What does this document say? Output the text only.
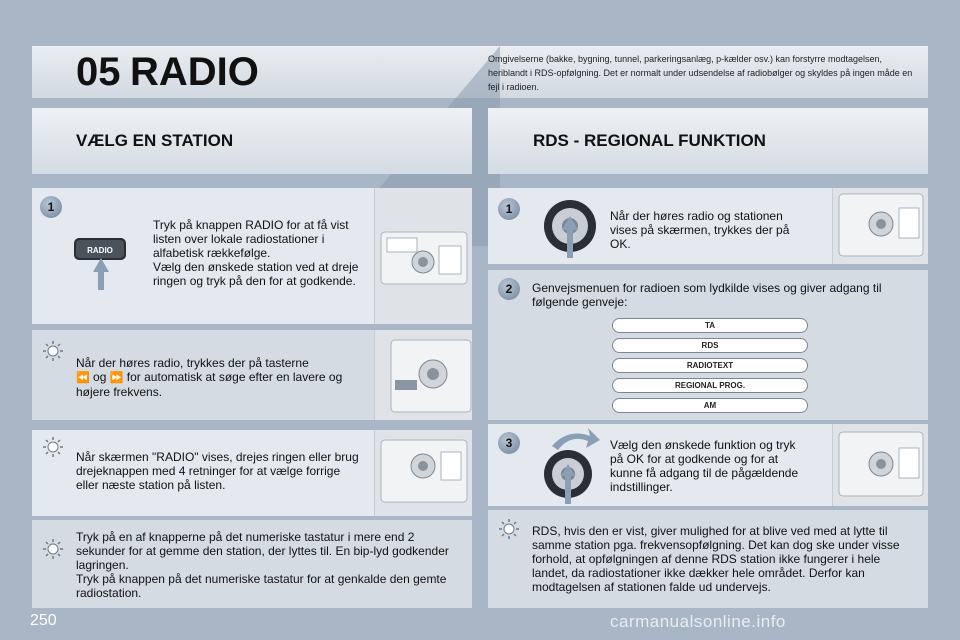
05 RADIO	Omgivelserne (bakke, bygning, tunnel, parkeringsanlæg, p-kælder osv.) kan forstyrre modtagelsen, heriblandt i RDS-opfølgning. Det er normalt under udsendelse af radiobølger og skyldes på ingen måde en fejl i radioen.
VÆLG EN STATION	RDS - REGIONAL FUNKTION
1
RADIO
Tryk på knappen RADIO for at få vist listen over lokale radiostationer i alfabetisk rækkefølge.
Vælg den ønskede station ved at dreje ringen og tryk på den for at godkende.
Når der høres radio, trykkes der på tasterne
⏪ og ⏩ for automatisk at søge efter en lavere og højere frekvens.
Når skærmen "RADIO" vises, drejes ringen eller brug drejeknappen med 4 retninger for at vælge forrige eller næste station på listen.
Tryk på en af knapperne på det numeriske tastatur i mere end 2 sekunder for at gemme den station, der lyttes til. En bip-lyd godkender lagringen.
Tryk på knappen på det numeriske tastatur for at genkalde den gemte radiostation.
1	Når der høres radio og stationen vises på skærmen, trykkes der på OK.
2	Genvejsmenuen for radioen som lydkilde vises og giver adgang til følgende genveje:
TA
RDS
RADIOTEXT
REGIONAL PROG.
AM
3	Vælg den ønskede funktion og tryk på OK for at godkende og for at kunne få adgang til de pågældende indstillinger.
RDS, hvis den er vist, giver mulighed for at blive ved med at lytte til samme station pga. frekvensopfølgning. Det kan dog ske under visse forhold, at opfølgningen af denne RDS station ikke fungerer i hele landet, da radiostationer ikke dækker hele området. Derfor kan modtagelsen af stationen falde ud undervejs.
250	carmanualsonline.info
